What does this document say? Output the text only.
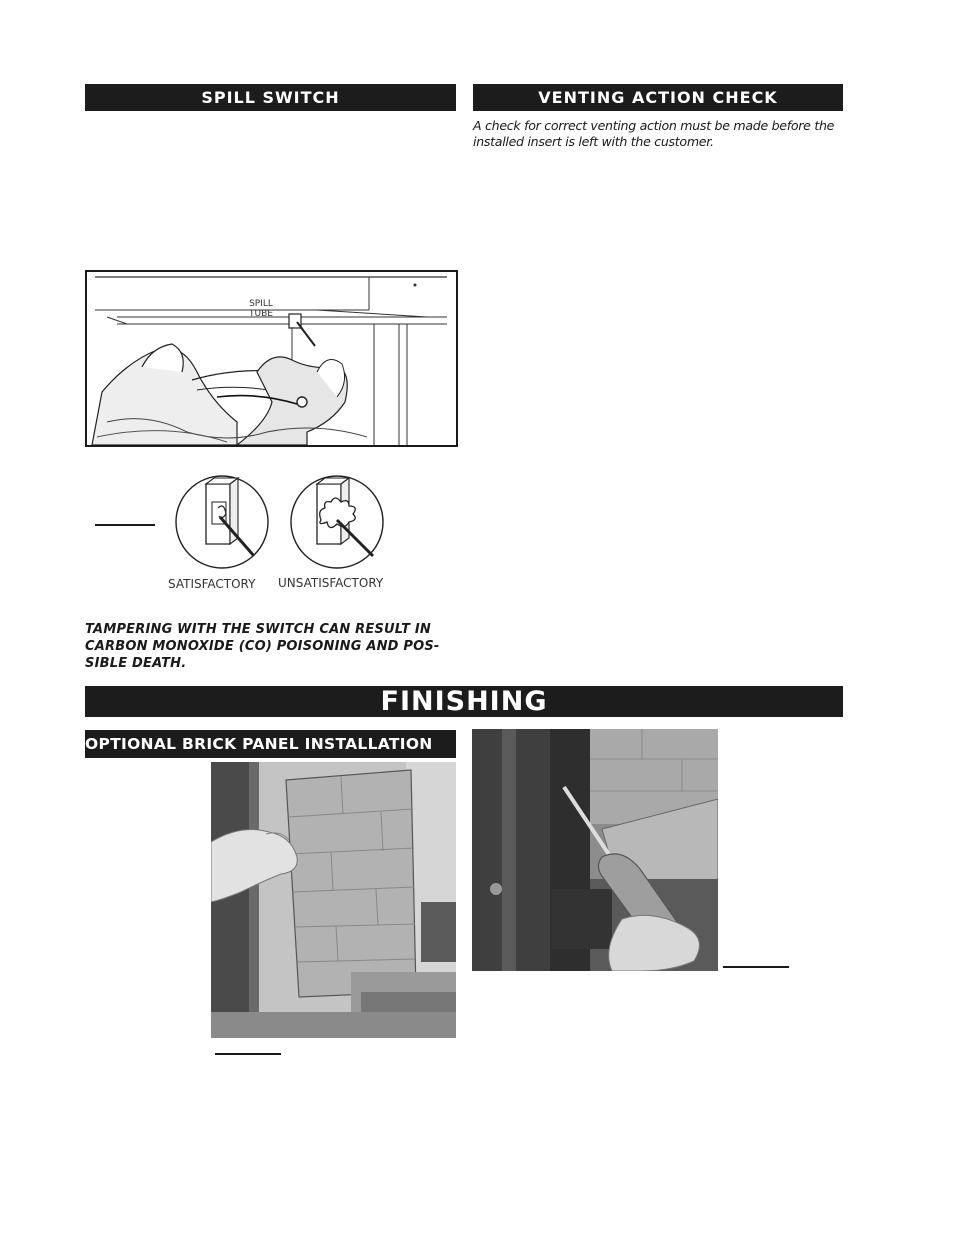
SPILL SWITCH	VENTING ACTION CHECK
A check for correct venting action must be made before the installed insert is left with the customer.
SPILL
TUBE
SATISFACTORY UNSATISFACTORY
TAMPERING WITH THE SWITCH CAN RESULT IN CARBON MONOXIDE (CO) POISONING AND POS-SIBLE DEATH.
FINISHING
OPTIONAL BRICK PANEL INSTALLATION
